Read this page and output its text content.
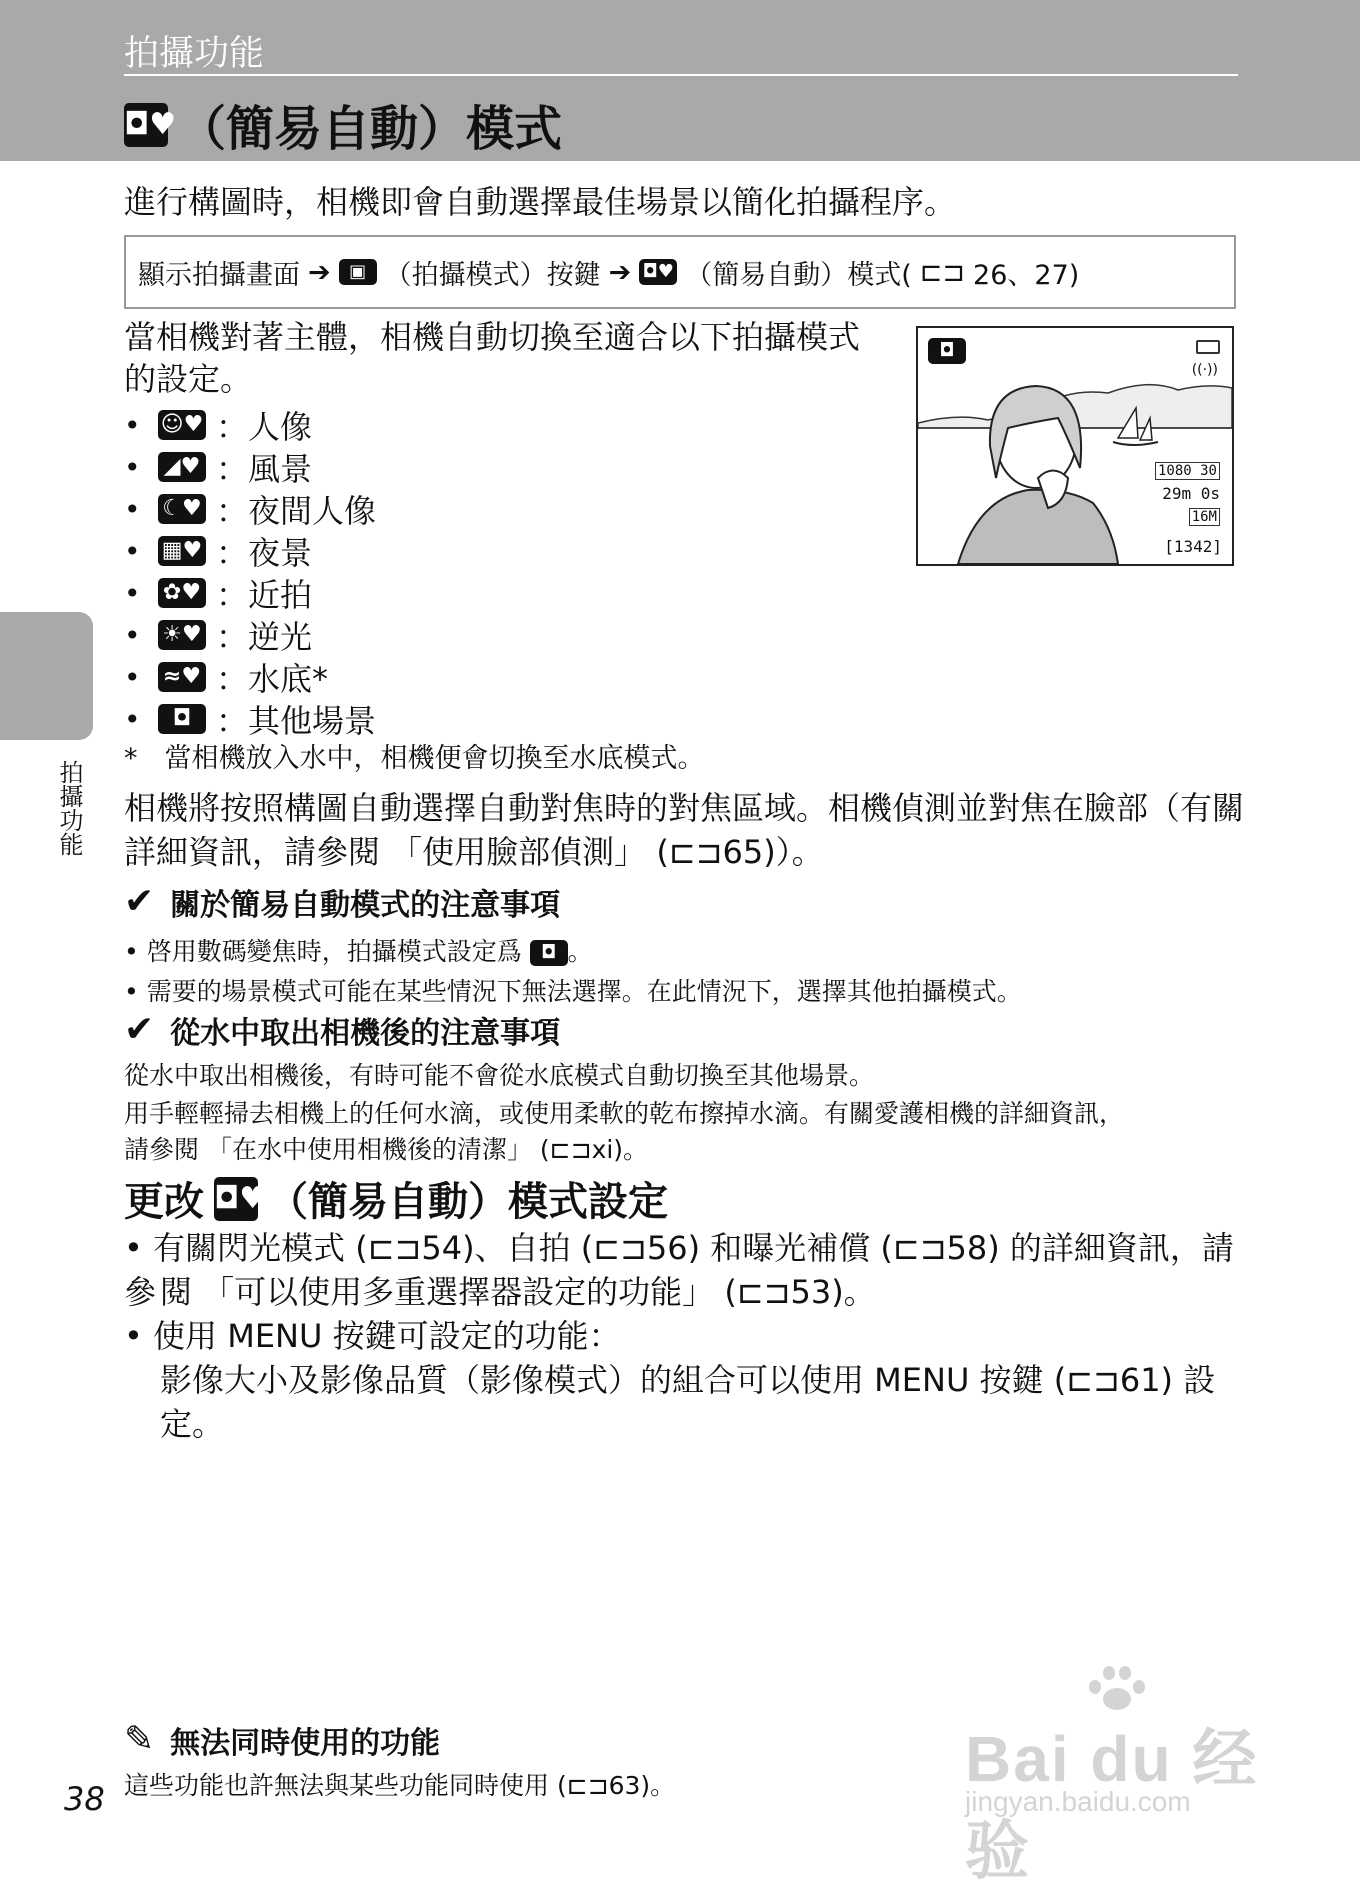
拍攝功能
◘♥ （簡易自動）模式
進行構圖時，相機即會自動選擇最佳場景以簡化拍攝程序。
顯示拍攝畫面 ➔	▣ （拍攝模式）按鍵 ➔ ◘♥ （簡易自動）模式( ⊏⊐ 26、27)
當相機對著主體，相機自動切換至適合以下拍攝模式的設定。
• ☺♥ ：人像
•	◢♥ ：風景
• ☾♥ ：夜間人像
• ▦♥ ：夜景
•	✿♥ ：近拍
• ☀♥ ：逆光
•	≈♥ ：水底*
•	◘ ：其他場景
*　當相機放入水中，相機便會切換至水底模式。
◘
((·))
1080 30
29m 0s
16M
[1342]
相機將按照構圖自動選擇自動對焦時的對焦區域。相機偵測並對焦在臉部（有關詳細資訊，請參閱 「使用臉部偵測」 (⊏⊐65)）。
✔ 關於簡易自動模式的注意事項
• 啓用數碼變焦時，拍攝模式設定爲 ◘ 。
• 需要的場景模式可能在某些情況下無法選擇。在此情況下，選擇其他拍攝模式。
✔ 從水中取出相機後的注意事項
從水中取出相機後，有時可能不會從水底模式自動切換至其他場景。
用手輕輕掃去相機上的任何水滴，或使用柔軟的乾布擦掉水滴。有關愛護相機的詳細資訊，
請參閱 「在水中使用相機後的清潔」 (⊏⊐xi)。
更改 ◘♥ （簡易自動）模式設定
• 有關閃光模式 (⊏⊐54)、自拍 (⊏⊐56) 和曝光補償 (⊏⊐58) 的詳細資訊，請參 閱 「可以使用多重選擇器設定的功能」 (⊏⊐53)。
• 使用 MENU 按鍵可設定的功能：
影像大小及影像品質（影像模式）的組合可以使用 MENU 按鍵 (⊏⊐61) 設定。
✎ 無法同時使用的功能
這些功能也許無法與某些功能同時使用 (⊏⊐63)。
拍攝功能
38
Bai du 经验
jingyan.baidu.com
